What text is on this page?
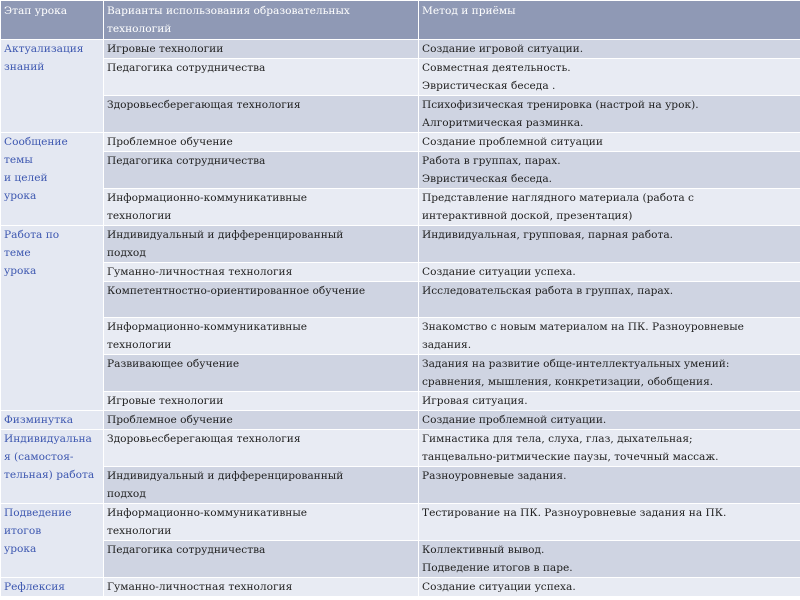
Этап урока	Варианты использования образовательных технологий	Метод и приёмы

Актуализация
знаний	Игровые технологии	Создание игровой ситуации.

	Педагогика сотрудничества	Совместная деятельность.
Эвристическая беседа .

	Здоровьесберегающая технология	Психофизическая тренировка (настрой на урок).
Алгоритмическая разминка.

Сообщение
темы
и целей
урока	Проблемное обучение	Создание проблемной ситуации

	Педагогика сотрудничества	Работа в группах, парах.
Эвристическая беседа.

	Информационно-коммуникативные
технологии	Представление наглядного материала (работа с
интерактивной доской, презентация)

Работа по
теме
урока	Индивидуальный и дифференцированный
подход	Индивидуальная, групповая, парная работа.

	Гуманно-личностная технология	Создание ситуации успеха.

	Компетентностно-ориентированное обучение	Исследовательская работа в группах, парах.

	Информационно-коммуникативные
технологии	Знакомство с новым материалом на ПК. Разноуровневые
задания.

	Развивающее обучение	Задания на развитие обще-интеллектуальных умений:
сравнения, мышления, конкретизации, обобщения.

	Игровые технологии	Игровая ситуация.

Физминутка	Проблемное обучение	Создание проблемной ситуации.

Индивидуальна
я (самостоя-
тельная) работа	Здоровьесберегающая технология	Гимнастика для тела, слуха, глаз, дыхательная;
танцевально-ритмические паузы, точечный массаж.

	Индивидуальный и дифференцированный
подход	Разноуровневые задания.

Подведение
итогов
урока	Информационно-коммуникативные
технологии	Тестирование на ПК. Разноуровневые задания на ПК.

	Педагогика сотрудничества	Коллективный вывод.
Подведение итогов в паре.

Рефлексия	Гуманно-личностная технология	Создание ситуации успеха.
